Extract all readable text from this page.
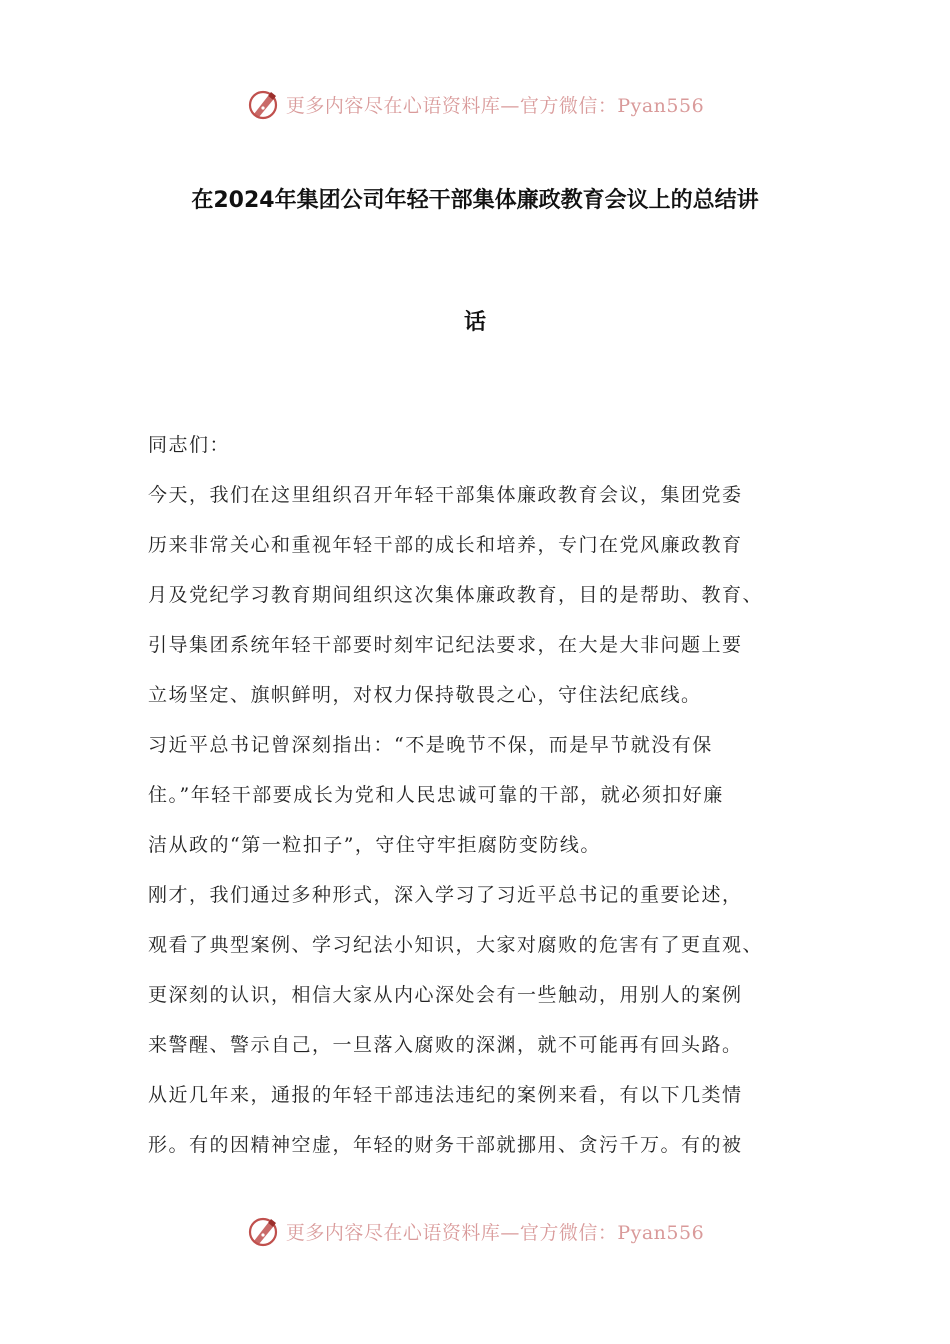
更多内容尽在心语资料库—官方微信：Pyan556
在2024年集团公司年轻干部集体廉政教育会议上的总结讲
话
同志们：
今天，我们在这里组织召开年轻干部集体廉政教育会议，集团党委
历来非常关心和重视年轻干部的成长和培养，专门在党风廉政教育
月及党纪学习教育期间组织这次集体廉政教育，目的是帮助、教育、
引导集团系统年轻干部要时刻牢记纪法要求，在大是大非问题上要
立场坚定、旗帜鲜明，对权力保持敬畏之心，守住法纪底线。
习近平总书记曾深刻指出：“不是晚节不保，而是早节就没有保
住。”年轻干部要成长为党和人民忠诚可靠的干部，就必须扣好廉
洁从政的“第一粒扣子”，守住守牢拒腐防变防线。
刚才，我们通过多种形式，深入学习了习近平总书记的重要论述，
观看了典型案例、学习纪法小知识，大家对腐败的危害有了更直观、
更深刻的认识，相信大家从内心深处会有一些触动，用别人的案例
来警醒、警示自己，一旦落入腐败的深渊，就不可能再有回头路。
从近几年来，通报的年轻干部违法违纪的案例来看，有以下几类情
形。有的因精神空虚，年轻的财务干部就挪用、贪污千万。有的被
更多内容尽在心语资料库—官方微信：Pyan556
